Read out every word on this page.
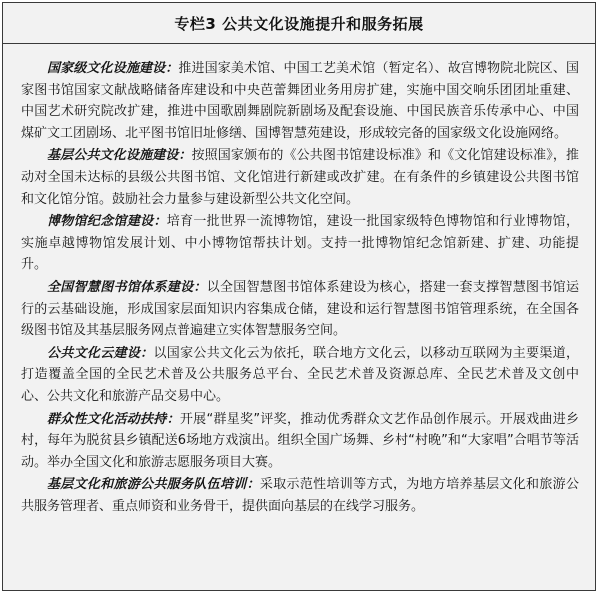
专栏3 公共文化设施提升和服务拓展

国家级文化设施建设：推进国家美术馆、中国工艺美术馆（暂定名）、故宫博物院北院区、国家图书馆国家文献战略储备库建设和中央芭蕾舞团业务用房扩建，实施中国交响乐团团址重建、中国艺术研究院改扩建，推进中国歌剧舞剧院新剧场及配套设施、中国民族音乐传承中心、中国煤矿文工团剧场、北平图书馆旧址修缮、国博智慧苑建设，形成较完备的国家级文化设施网络。

基层公共文化设施建设：按照国家颁布的《公共图书馆建设标准》和《文化馆建设标准》，推动对全国未达标的县级公共图书馆、文化馆进行新建或改扩建。在有条件的乡镇建设公共图书馆和文化馆分馆。鼓励社会力量参与建设新型公共文化空间。

博物馆纪念馆建设：培育一批世界一流博物馆，建设一批国家级特色博物馆和行业博物馆，实施卓越博物馆发展计划、中小博物馆帮扶计划。支持一批博物馆纪念馆新建、扩建、功能提升。

全国智慧图书馆体系建设：以全国智慧图书馆体系建设为核心，搭建一套支撑智慧图书馆运行的云基础设施，形成国家层面知识内容集成仓储，建设和运行智慧图书馆管理系统，在全国各级图书馆及其基层服务网点普遍建立实体智慧服务空间。

公共文化云建设：以国家公共文化云为依托，联合地方文化云，以移动互联网为主要渠道，打造覆盖全国的全民艺术普及公共服务总平台、全民艺术普及资源总库、全民艺术普及文创中心、公共文化和旅游产品交易中心。

群众性文化活动扶持：开展“群星奖”评奖，推动优秀群众文艺作品创作展示。开展戏曲进乡村，每年为脱贫县乡镇配送6场地方戏演出。组织全国广场舞、乡村“村晚”和“大家唱”合唱节等活动。举办全国文化和旅游志愿服务项目大赛。

基层文化和旅游公共服务队伍培训：采取示范性培训等方式，为地方培养基层文化和旅游公共服务管理者、重点师资和业务骨干，提供面向基层的在线学习服务。
